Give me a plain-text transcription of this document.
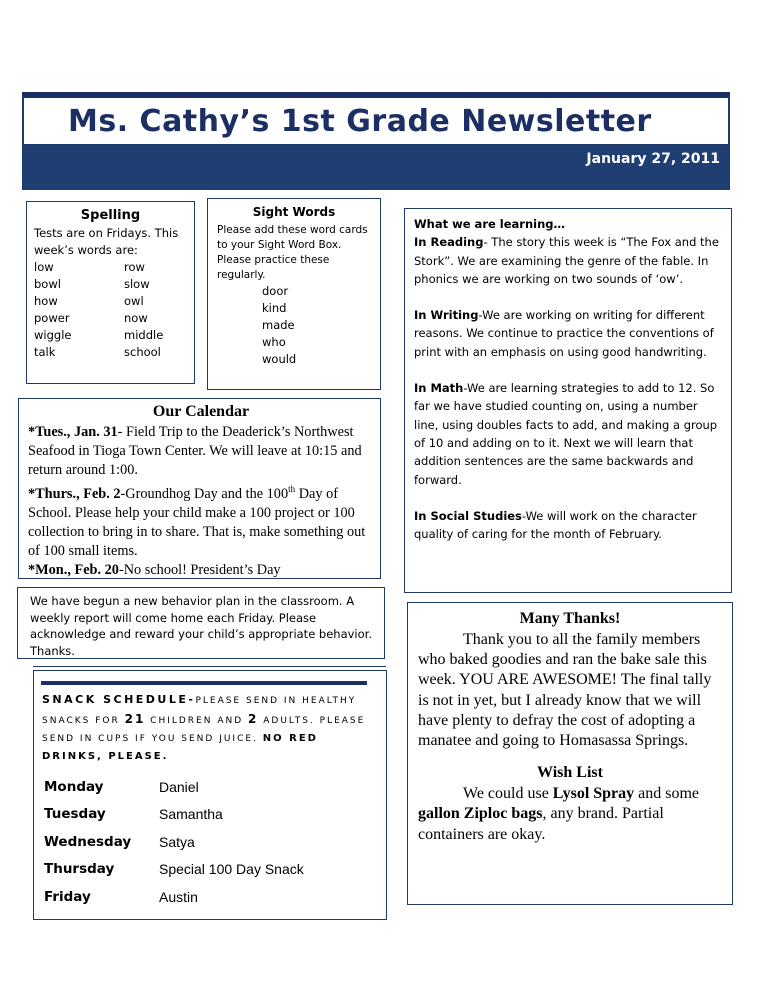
Ms. Cathy’s 1st Grade Newsletter
January 27, 2011
Spelling
Tests are on Fridays. This week’s words are:
low	row
bowl	slow
how	owl
power	now
wiggle	middle
talk	school
Sight Words
Please add these word cards to your Sight Word Box. Please practice these regularly.
door
kind
made
who
would
What we are learning…
In Reading- The story this week is “The Fox and the Stork”. We are examining the genre of the fable. In phonics we are working on two sounds of ‘ow’.
In Writing-We are working on writing for different reasons. We continue to practice the conventions of print with an emphasis on using good handwriting.
In Math-We are learning strategies to add to 12. So far we have studied counting on, using a number line, using doubles facts to add, and making a group of 10 and adding on to it. Next we will learn that addition sentences are the same backwards and forward.
In Social Studies-We will work on the character quality of caring for the month of February.
Our Calendar
*Tues., Jan. 31- Field Trip to the Deaderick’s Northwest Seafood in Tioga Town Center. We will leave at 10:15 and return around 1:00.
*Thurs., Feb. 2-Groundhog Day and the 100th Day of School. Please help your child make a 100 project or 100 collection to bring in to share. That is, make something out of 100 small items.
*Mon., Feb. 20-No school! President’s Day
We have begun a new behavior plan in the classroom. A weekly report will come home each Friday. Please acknowledge and reward your child’s appropriate behavior. Thanks.
SNACK SCHEDULE-PLEASE SEND IN HEALTHY SNACKS FOR 21 CHILDREN AND 2 ADULTS. PLEASE SEND IN CUPS IF YOU SEND JUICE. NO RED DRINKS, PLEASE.
Monday	Daniel
Tuesday	Samantha
Wednesday	Satya
Thursday	Special 100 Day Snack
Friday	Austin
Many Thanks!
Thank you to all the family members who baked goodies and ran the bake sale this week. YOU ARE AWESOME! The final tally is not in yet, but I already know that we will have plenty to defray the cost of adopting a manatee and going to Homasassa Springs.
Wish List
We could use Lysol Spray and some gallon Ziploc bags, any brand. Partial containers are okay.
